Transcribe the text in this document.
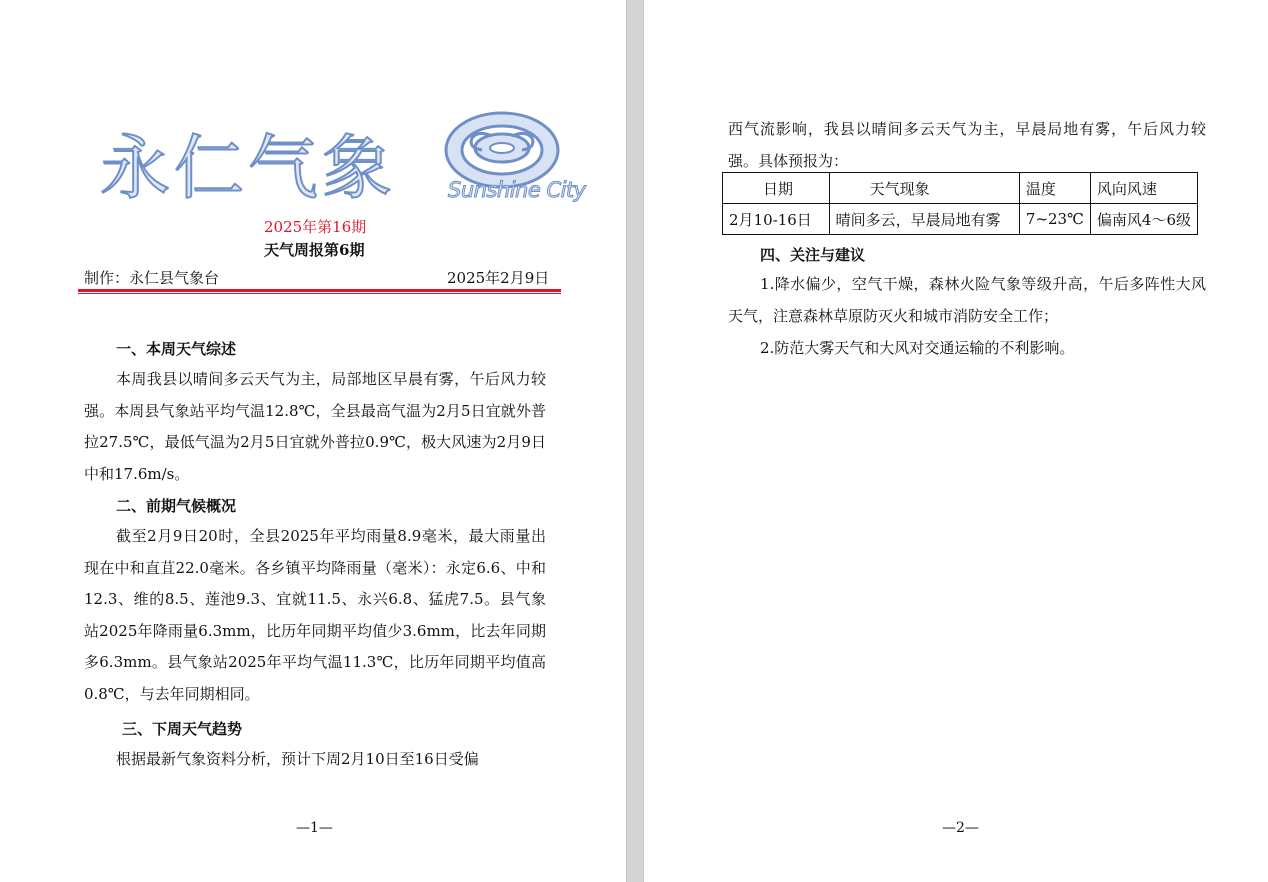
永仁气象 Sunshine City
2025年第16期
天气周报第6期
制作：永仁县气象台	2025年2月9日
一、本周天气综述
本周我县以晴间多云天气为主，局部地区早晨有雾，午后风力较强。本周县气象站平均气温12.8℃，全县最高气温为2月5日宜就外普拉27.5℃，最低气温为2月5日宜就外普拉0.9℃，极大风速为2月9日中和17.6m/s。
二、前期气候概况
截至2月9日20时，全县2025年平均雨量8.9毫米，最大雨量出现在中和直苴22.0毫米。各乡镇平均降雨量（毫米）：永定6.6、中和12.3、维的8.5、莲池9.3、宜就11.5、永兴6.8、猛虎7.5。县气象站2025年降雨量6.3mm，比历年同期平均值少3.6mm，比去年同期多6.3mm。县气象站2025年平均气温11.3℃，比历年同期平均值高0.8℃，与去年同期相同。
三、下周天气趋势
根据最新气象资料分析，预计下周2月10日至16日受偏
—1—
西气流影响，我县以晴间多云天气为主，早晨局地有雾，午后风力较强。具体预报为：
日期	天气现象	温度	风向风速
2月10-16日	晴间多云，早晨局地有雾	7~23℃	偏南风4～6级
四、关注与建议
1.降水偏少，空气干燥，森林火险气象等级升高，午后多阵性大风天气，注意森林草原防灭火和城市消防安全工作；
2.防范大雾天气和大风对交通运输的不利影响。
—2—
